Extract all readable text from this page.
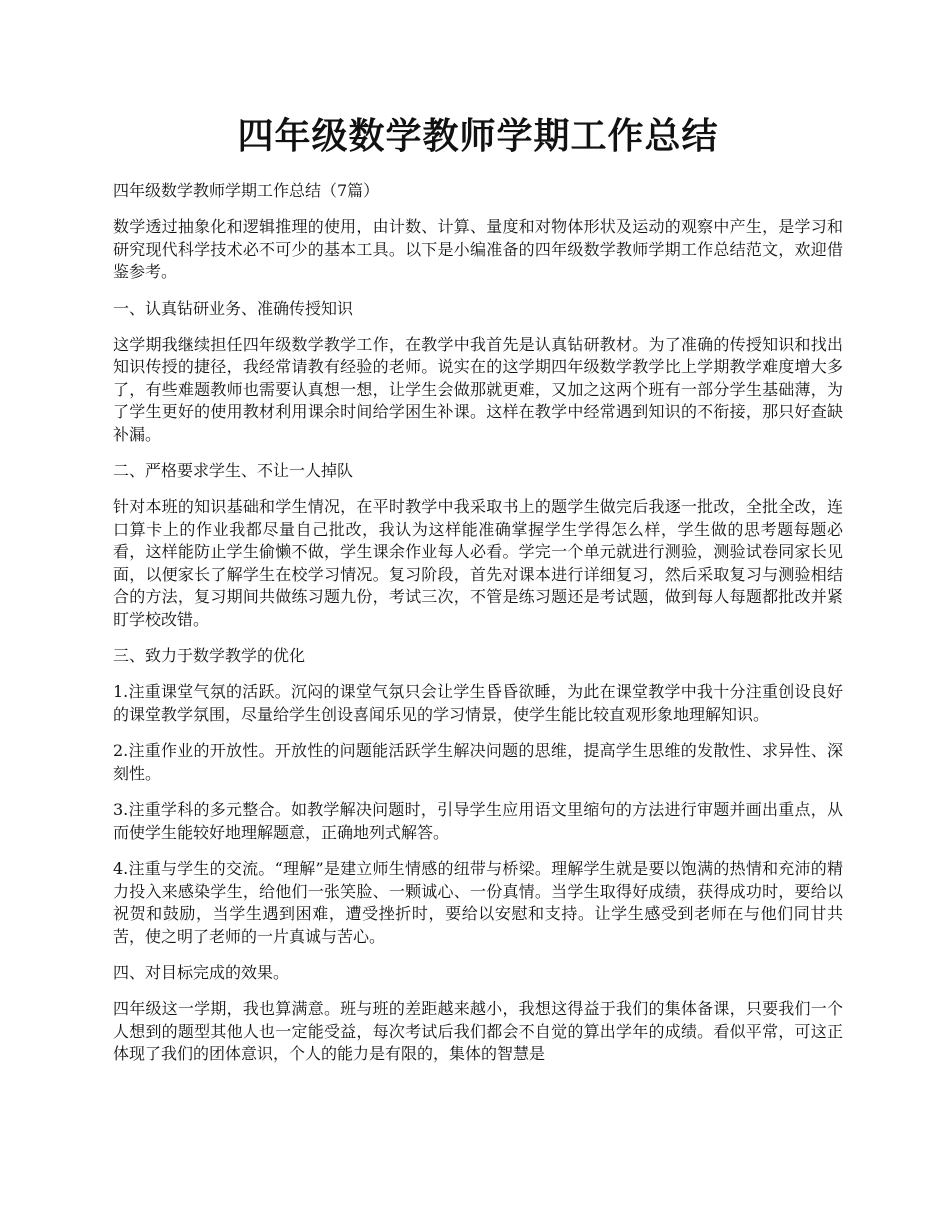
四年级数学教师学期工作总结

四年级数学教师学期工作总结（7篇）

数学透过抽象化和逻辑推理的使用，由计数、计算、量度和对物体形状及运动的观察中产生，是学习和研究现代科学技术必不可少的基本工具。以下是小编准备的四年级数学教师学期工作总结范文，欢迎借鉴参考。

一、认真钻研业务、准确传授知识

这学期我继续担任四年级数学教学工作，在教学中我首先是认真钻研教材。为了准确的传授知识和找出知识传授的捷径，我经常请教有经验的老师。说实在的这学期四年级数学教学比上学期教学难度增大多了，有些难题教师也需要认真想一想，让学生会做那就更难，又加之这两个班有一部分学生基础薄，为了学生更好的使用教材利用课余时间给学困生补课。这样在教学中经常遇到知识的不衔接，那只好查缺补漏。

二、严格要求学生、不让一人掉队

针对本班的知识基础和学生情况，在平时教学中我采取书上的题学生做完后我逐一批改，全批全改，连口算卡上的作业我都尽量自己批改，我认为这样能准确掌握学生学得怎么样，学生做的思考题每题必看，这样能防止学生偷懒不做，学生课余作业每人必看。学完一个单元就进行测验，测验试卷同家长见面，以便家长了解学生在校学习情况。复习阶段，首先对课本进行详细复习，然后采取复习与测验相结合的方法，复习期间共做练习题九份，考试三次，不管是练习题还是考试题，做到每人每题都批改并紧盯学校改错。

三、致力于数学教学的优化

1.注重课堂气氛的活跃。沉闷的课堂气氛只会让学生昏昏欲睡，为此在课堂教学中我十分注重创设良好的课堂教学氛围，尽量给学生创设喜闻乐见的学习情景，使学生能比较直观形象地理解知识。

2.注重作业的开放性。开放性的问题能活跃学生解决问题的思维，提高学生思维的发散性、求异性、深刻性。

3.注重学科的多元整合。如教学解决问题时，引导学生应用语文里缩句的方法进行审题并画出重点，从而使学生能较好地理解题意，正确地列式解答。

4.注重与学生的交流。“理解”是建立师生情感的纽带与桥梁。理解学生就是要以饱满的热情和充沛的精力投入来感染学生，给他们一张笑脸、一颗诚心、一份真情。当学生取得好成绩，获得成功时，要给以祝贺和鼓励，当学生遇到困难，遭受挫折时，要给以安慰和支持。让学生感受到老师在与他们同甘共苦，使之明了老师的一片真诚与苦心。

四、对目标完成的效果。

四年级这一学期，我也算满意。班与班的差距越来越小，我想这得益于我们的集体备课，只要我们一个人想到的题型其他人也一定能受益，每次考试后我们都会不自觉的算出学年的成绩。看似平常，可这正体现了我们的团体意识，个人的能力是有限的，集体的智慧是
